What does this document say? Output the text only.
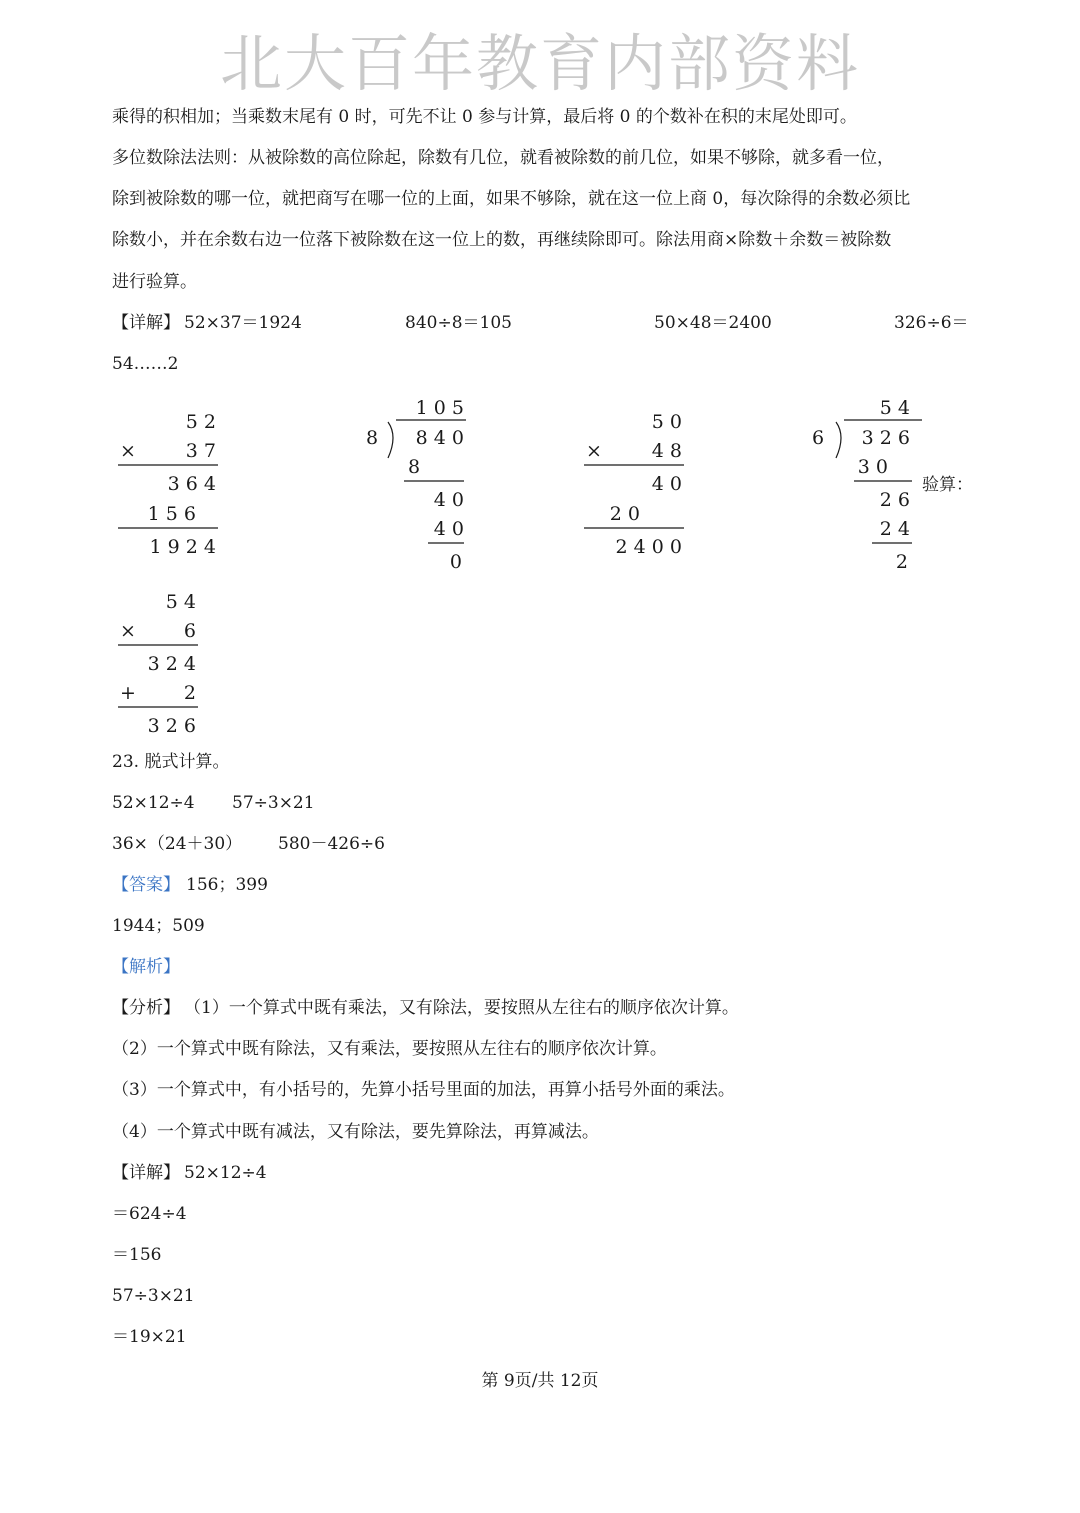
北大百年教育内部资料
乘得的积相加；当乘数末尾有 0 时，可先不让 0 参与计算，最后将 0 的个数补在积的末尾处即可。
多位数除法法则：从被除数的高位除起，除数有几位，就看被除数的前几位，如果不够除，就多看一位，
除到被除数的哪一位，就把商写在哪一位的上面，如果不够除，就在这一位上商 0，每次除得的余数必须比
除数小，并在余数右边一位落下被除数在这一位上的数，再继续除即可。除法用商×除数＋余数＝被除数
进行验算。
【详解】 52×37＝1924	840÷8＝105	50×48＝2400	326÷6＝
54……2
5 2
×	3 7
3 6 4
1 5 6
1 9 2 4
1 0 5
8 8 4 0
8
4 0
4 0
0
5 0
×	4 8
4 0
2 0
2 4 0 0
5 4
6 3 2 6
3 0
2 6
2 4
2
验算：
5 4
×	6
3 2 4
+	2
3 2 6
23. 脱式计算。
52×12÷4 57÷3×21
36×（24＋30） 580－426÷6
【答案】 156；399
1944；509
【解析】
【分析】 （1）一个算式中既有乘法，又有除法，要按照从左往右的顺序依次计算。
（2）一个算式中既有除法，又有乘法，要按照从左往右的顺序依次计算。
（3）一个算式中，有小括号的，先算小括号里面的加法，再算小括号外面的乘法。
（4）一个算式中既有减法，又有除法，要先算除法，再算减法。
【详解】 52×12÷4
＝624÷4
＝156
57÷3×21
＝19×21
第 9页/共 12页
